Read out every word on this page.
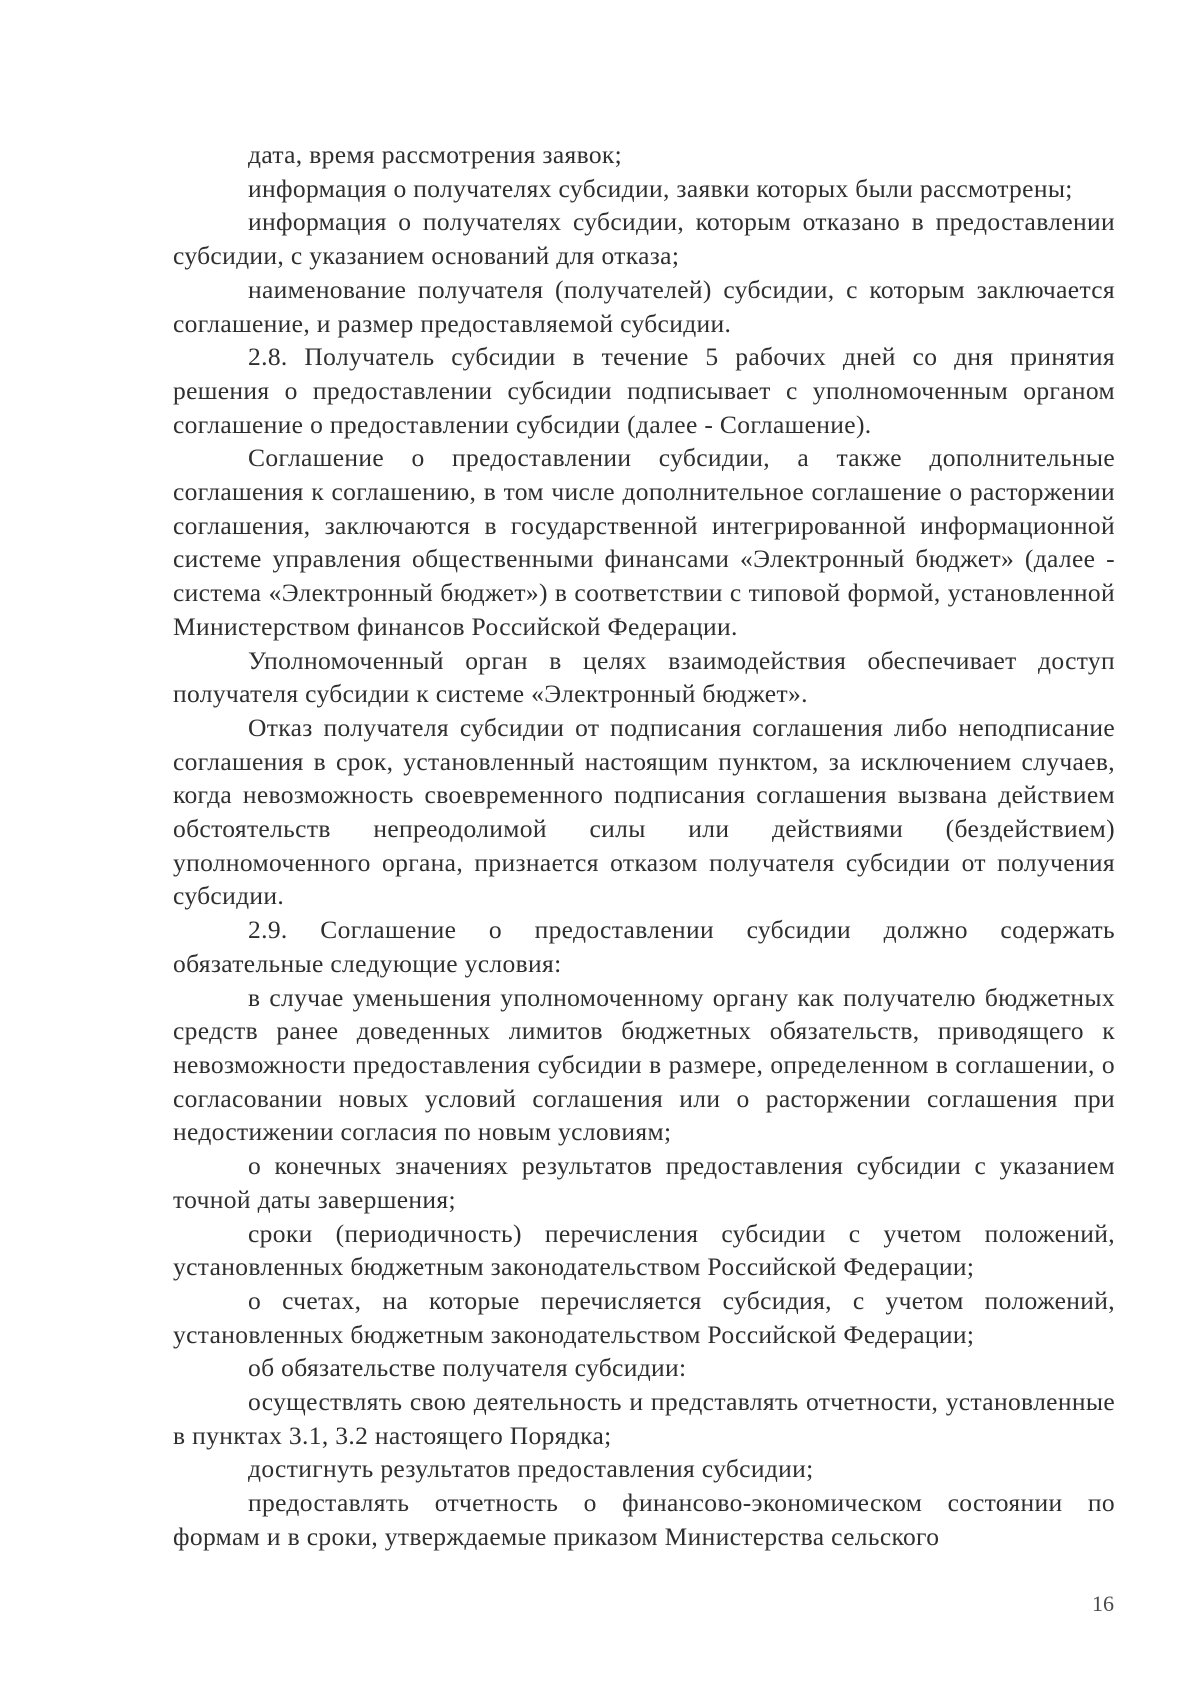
дата, время рассмотрения заявок;

информация о получателях субсидии, заявки которых были рассмотрены;

информация о получателях субсидии, которым отказано в предоставлении субсидии, с указанием оснований для отказа;

наименование получателя (получателей) субсидии, с которым заключается соглашение, и размер предоставляемой субсидии.

2.8. Получатель субсидии в течение 5 рабочих дней со дня принятия решения о предоставлении субсидии подписывает с уполномоченным органом соглашение о предоставлении субсидии (далее - Соглашение).

Соглашение о предоставлении субсидии, а также дополнительные соглашения к соглашению, в том числе дополнительное соглашение о расторжении соглашения, заключаются в государственной интегрированной информационной системе управления общественными финансами «Электронный бюджет» (далее - система «Электронный бюджет») в соответствии с типовой формой, установленной Министерством финансов Российской Федерации.

Уполномоченный орган в целях взаимодействия обеспечивает доступ получателя субсидии к системе «Электронный бюджет».

Отказ получателя субсидии от подписания соглашения либо неподписание соглашения в срок, установленный настоящим пунктом, за исключением случаев, когда невозможность своевременного подписания соглашения вызвана действием обстоятельств непреодолимой силы или действиями (бездействием) уполномоченного органа, признается отказом получателя субсидии от получения субсидии.

2.9. Соглашение о предоставлении субсидии должно содержать обязательные следующие условия:

в случае уменьшения уполномоченному органу как получателю бюджетных средств ранее доведенных лимитов бюджетных обязательств, приводящего к невозможности предоставления субсидии в размере, определенном в соглашении, о согласовании новых условий соглашения или о расторжении соглашения при недостижении согласия по новым условиям;

о конечных значениях результатов предоставления субсидии с указанием точной даты завершения;

сроки (периодичность) перечисления субсидии с учетом положений, установленных бюджетным законодательством Российской Федерации;

о счетах, на которые перечисляется субсидия, с учетом положений, установленных бюджетным законодательством Российской Федерации;

об обязательстве получателя субсидии:

осуществлять свою деятельность и представлять отчетности, установленные в пунктах 3.1, 3.2 настоящего Порядка;

достигнуть результатов предоставления субсидии;

предоставлять отчетность о финансово-экономическом состоянии по формам и в сроки, утверждаемые приказом Министерства сельского

16
